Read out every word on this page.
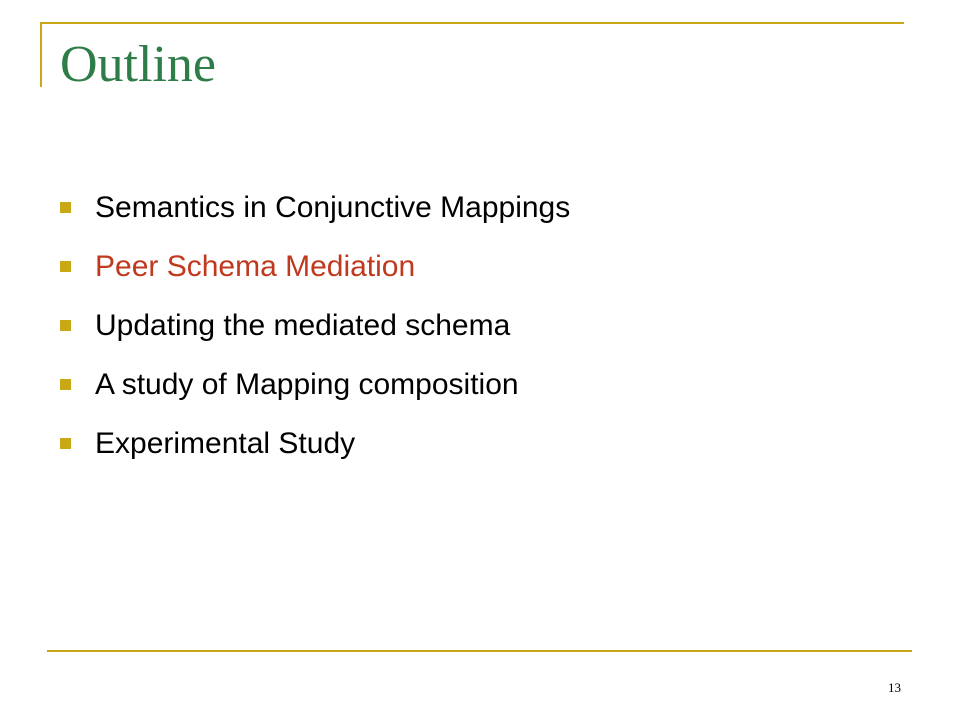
Outline
Semantics in Conjunctive Mappings
Peer Schema Mediation
Updating the mediated schema
A study of Mapping composition
Experimental Study
13
